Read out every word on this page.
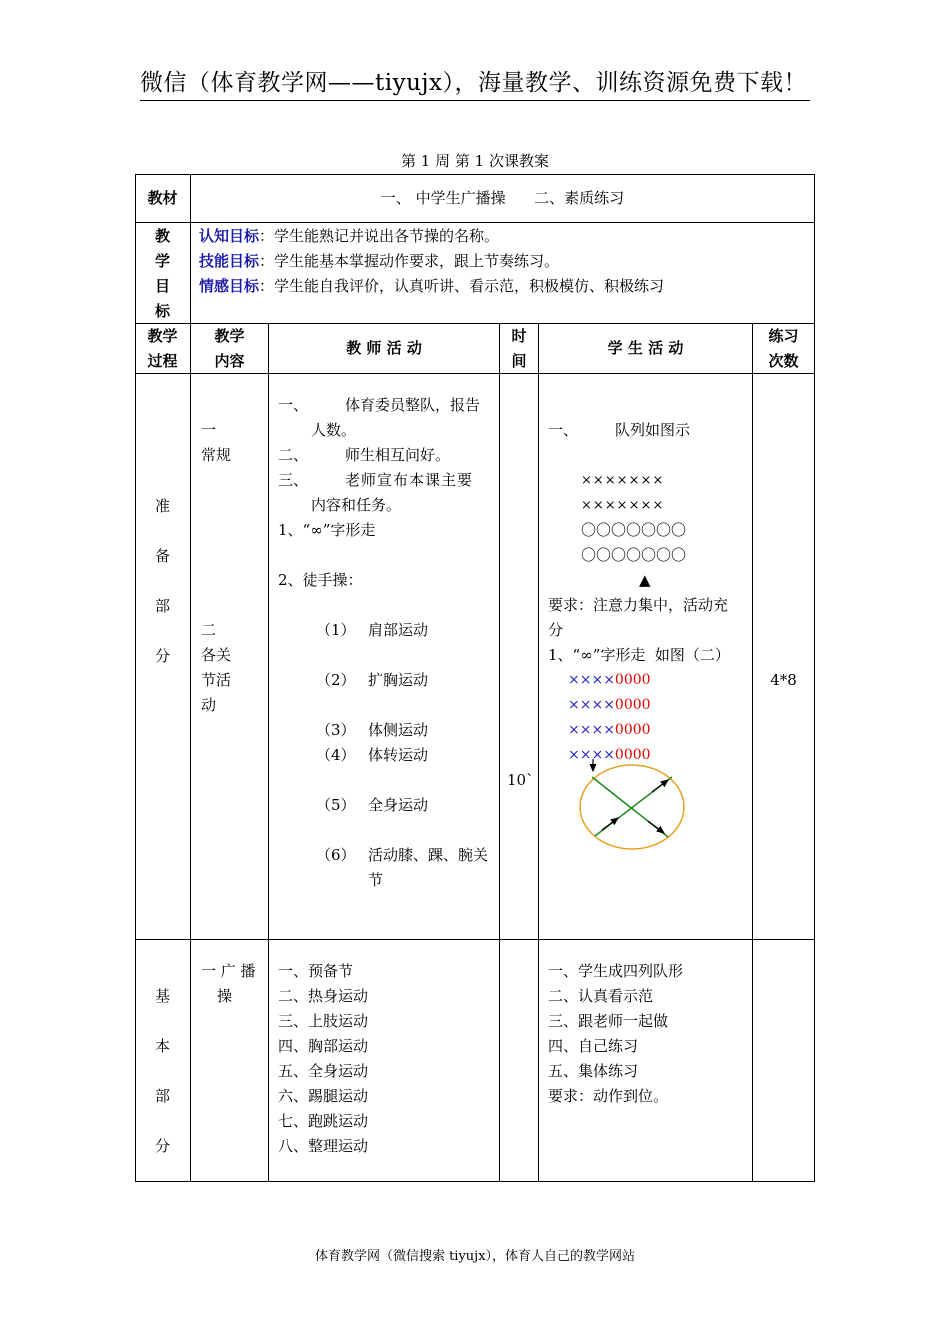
微信（体育教学网——tiyujx），海量教学、训练资源免费下载！
第 1 周 第 1 次课教案
教材	一、 中学生广播操      二、素质练习
教
学
目
标
认知目标：学生能熟记并说出各节操的名称。
技能目标：学生能基本掌握动作要求，跟上节奏练习。
情感目标：学生能自我评价，认真听讲、看示范，积极模仿、积极练习
教学
过程
教学
内容
教 师 活 动
时
间
学 生 活 动
练习
次数
准
备
部
分
一
常规
二
各关
节活
动
一、 体育委员整队，报告
人数。
二、 师生相互问好。
三、 老师宣布本课主要
内容和任务。
1、“∞”字形走
2、徒手操：
（1） 肩部运动
（2） 扩胸运动
（3） 体侧运动
（4） 体转运动
（5） 全身运动
（6） 活动膝、踝、腕关
节
10`
一、 队列如图示
×××××××
×××××××
〇〇〇〇〇〇〇
〇〇〇〇〇〇〇
▲
要求：注意力集中，活动充
分
1、“∞”字形走  如图（二）
××××0000
××××0000
××××0000
××××0000
4*8
基
本
部
分
一 广 播
操
一、预备节
二、热身运动
三、上肢运动
四、胸部运动
五、全身运动
六、踢腿运动
七、跑跳运动
八、整理运动
一、学生成四列队形
二、认真看示范
三、跟老师一起做
四、自己练习
五、集体练习
要求：动作到位。
体育教学网（微信搜索 tiyujx），体育人自己的教学网站
